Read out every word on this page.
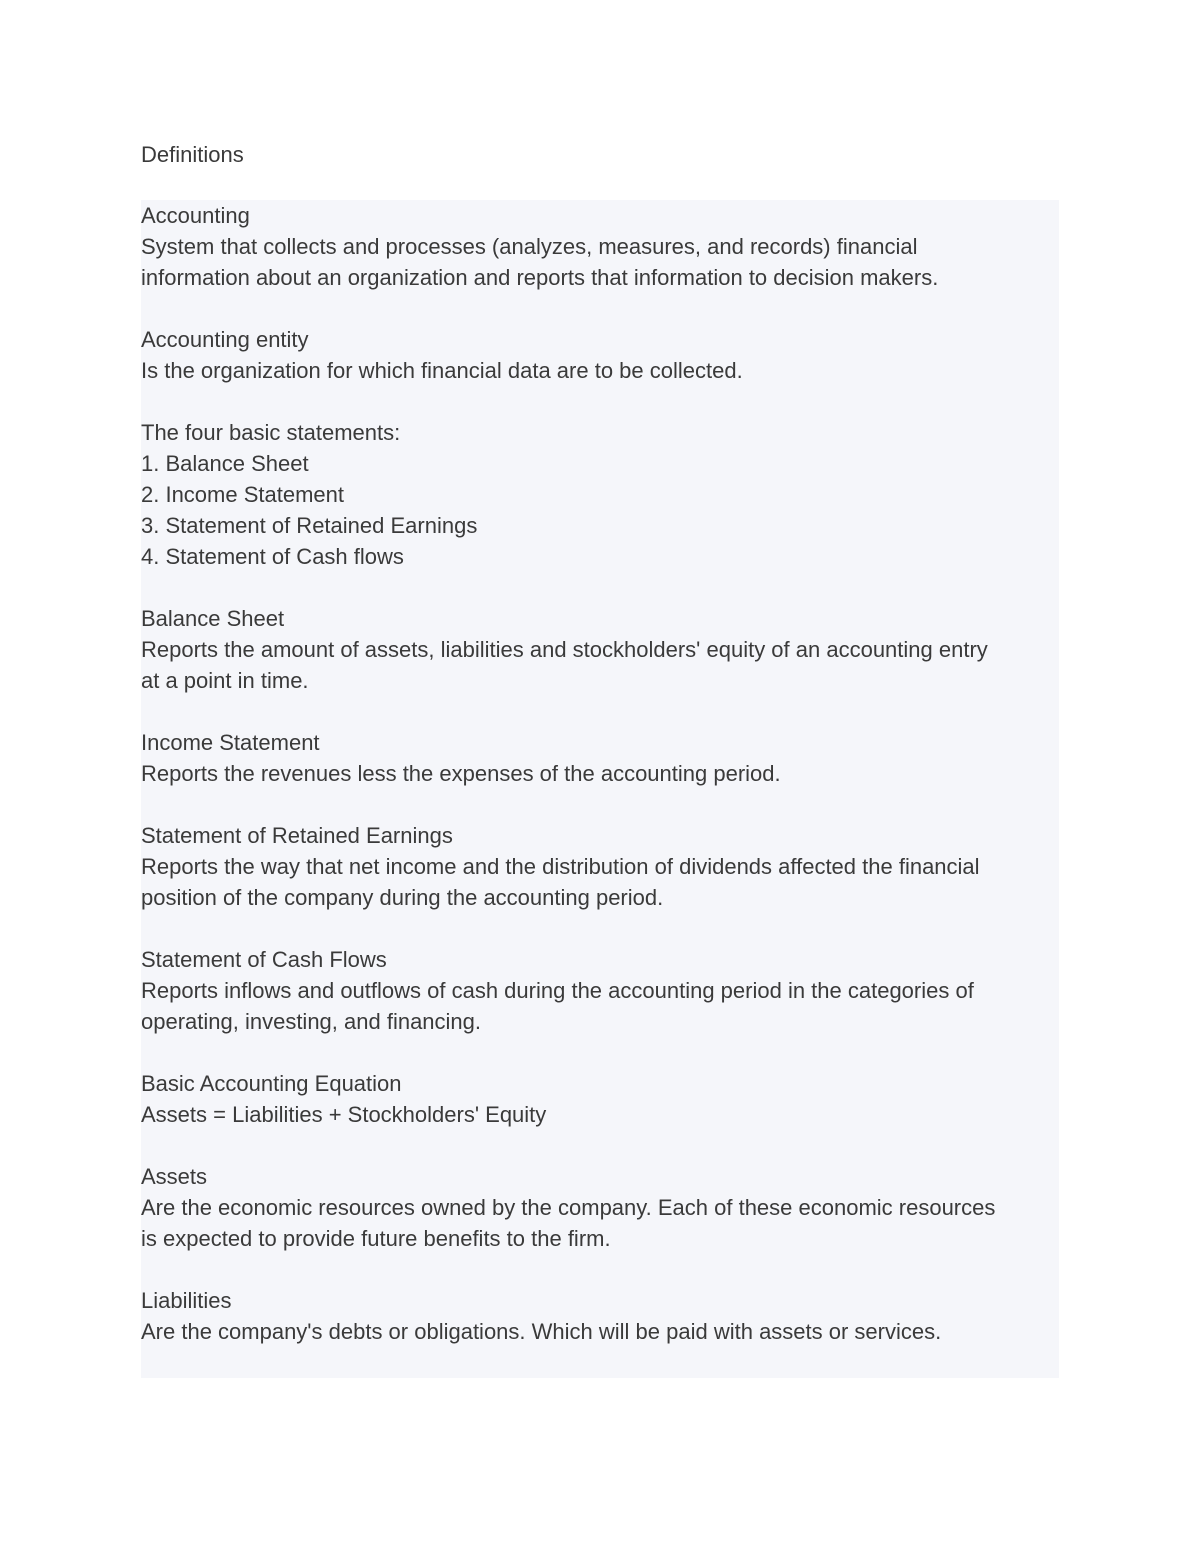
Definitions
Accounting
System that collects and processes (analyzes, measures, and records) financial
information about an organization and reports that information to decision makers.
Accounting entity
Is the organization for which financial data are to be collected.
The four basic statements:
1. Balance Sheet
2. Income Statement
3. Statement of Retained Earnings
4. Statement of Cash flows
Balance Sheet
Reports the amount of assets, liabilities and stockholders' equity of an accounting entry
at a point in time.
Income Statement
Reports the revenues less the expenses of the accounting period.
Statement of Retained Earnings
Reports the way that net income and the distribution of dividends affected the financial
position of the company during the accounting period.
Statement of Cash Flows
Reports inflows and outflows of cash during the accounting period in the categories of
operating, investing, and financing.
Basic Accounting Equation
Assets = Liabilities + Stockholders' Equity
Assets
Are the economic resources owned by the company. Each of these economic resources
is expected to provide future benefits to the firm.
Liabilities
Are the company's debts or obligations. Which will be paid with assets or services.
